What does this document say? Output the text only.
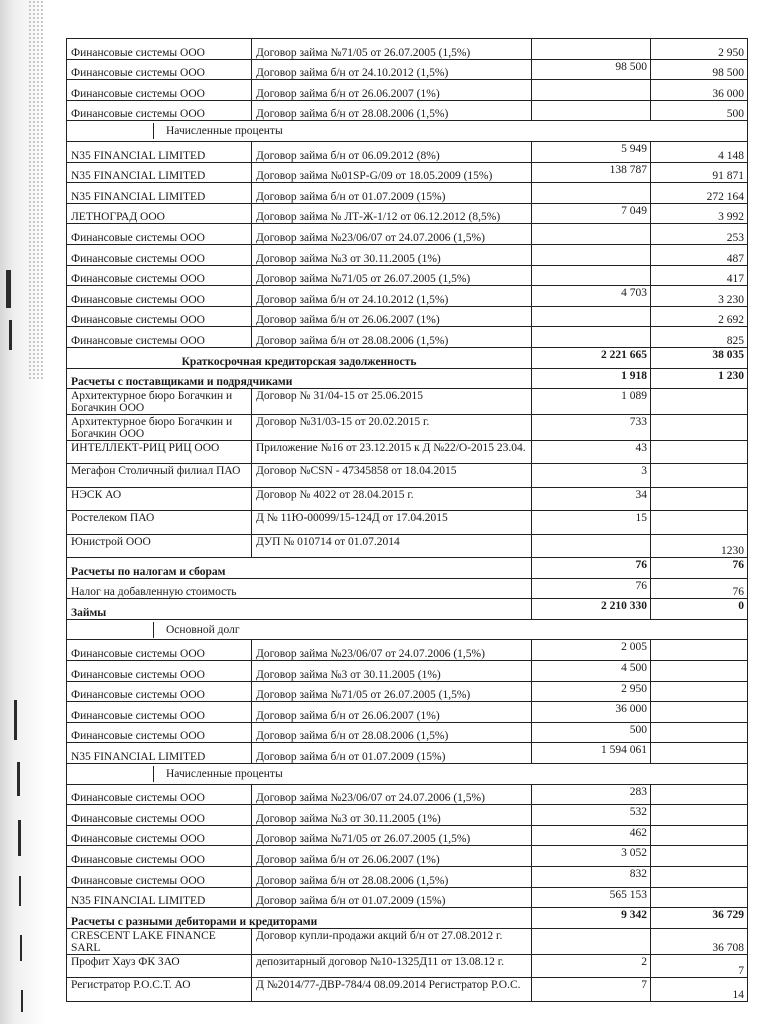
Финансовые системы ООО	Договор займа №71/05 от 26.07.2005 (1,5%)		2 950
Финансовые системы ООО	Договор займа б/н от 24.10.2012 (1,5%)	98 500	98 500
Финансовые системы ООО	Договор займа б/н от 26.06.2007 (1%)		36 000
Финансовые системы ООО	Договор займа б/н от 28.08.2006 (1,5%)		500
Начисленные проценты			
N35 FINANCIAL LIMITED	Договор займа б/н от 06.09.2012 (8%)	5 949	4 148
N35 FINANCIAL LIMITED	Договор займа №01SP-G/09 от 18.05.2009 (15%)	138 787	91 871
N35 FINANCIAL LIMITED	Договор займа б/н от 01.07.2009 (15%)		272 164
ЛЕТНОГРАД ООО	Договор займа № ЛТ-Ж-1/12 от 06.12.2012 (8,5%)	7 049	3 992
Финансовые системы ООО	Договор займа №23/06/07 от 24.07.2006 (1,5%)		253
Финансовые системы ООО	Договор займа №3 от 30.11.2005 (1%)		487
Финансовые системы ООО	Договор займа №71/05 от 26.07.2005 (1,5%)		417
Финансовые системы ООО	Договор займа б/н от 24.10.2012 (1,5%)	4 703	3 230
Финансовые системы ООО	Договор займа б/н от 26.06.2007 (1%)		2 692
Финансовые системы ООО	Договор займа б/н от 28.08.2006 (1,5%)		825
Краткосрочная кредиторская задолженность		2 221 665	38 035
Расчеты с поставщиками и подрядчиками		1 918	1 230
Архитектурное бюро Богачкин и Богачкин ООО	Договор № 31/04-15 от 25.06.2015	1 089	
Архитектурное бюро Богачкин и Богачкин ООО	Договор №31/03-15 от 20.02.2015 г.	733	
ИНТЕЛЛЕКТ-РИЦ РИЦ ООО	Приложение №16 от 23.12.2015 к Д №22/О-2015 23.04.	43	
Мегафон Столичный филиал ПАО	Договор №CSN - 47345858 от 18.04.2015	3	
НЭСК АО	Договор № 4022 от 28.04.2015 г.	34	
Ростелеком ПАО	Д № 11Ю-00099/15-124Д от 17.04.2015	15	
Юнистрой ООО	ДУП № 010714 от 01.07.2014		1230
Расчеты по налогам и сборам		76	76
Налог на добавленную стоимость		76	76
Займы		2 210 330	0
Основной долг			
Финансовые системы ООО	Договор займа №23/06/07 от 24.07.2006 (1,5%)	2 005	
Финансовые системы ООО	Договор займа №3 от 30.11.2005 (1%)	4 500	
Финансовые системы ООО	Договор займа №71/05 от 26.07.2005 (1,5%)	2 950	
Финансовые системы ООО	Договор займа б/н от 26.06.2007 (1%)	36 000	
Финансовые системы ООО	Договор займа б/н от 28.08.2006 (1,5%)	500	
N35 FINANCIAL LIMITED	Договор займа б/н от 01.07.2009 (15%)	1 594 061	
Начисленные проценты			
Финансовые системы ООО	Договор займа №23/06/07 от 24.07.2006 (1,5%)	283	
Финансовые системы ООО	Договор займа №3 от 30.11.2005 (1%)	532	
Финансовые системы ООО	Договор займа №71/05 от 26.07.2005 (1,5%)	462	
Финансовые системы ООО	Договор займа б/н от 26.06.2007 (1%)	3 052	
Финансовые системы ООО	Договор займа б/н от 28.08.2006 (1,5%)	832	
N35 FINANCIAL LIMITED	Договор займа б/н от 01.07.2009 (15%)	565 153	
Расчеты с разными дебиторами и кредиторами		9 342	36 729
CRESCENT LAKE FINANCE SARL	Договор купли-продажи акций б/н от 27.08.2012 г.		36 708
Профит Хауз ФК ЗАО	депозитарный договор №10-1325Д11 от 13.08.12 г.	2	7
Регистратор Р.О.С.Т. АО	Д №2014/77-ДВР-784/4 08.09.2014 Регистратор Р.О.С.	7	14
